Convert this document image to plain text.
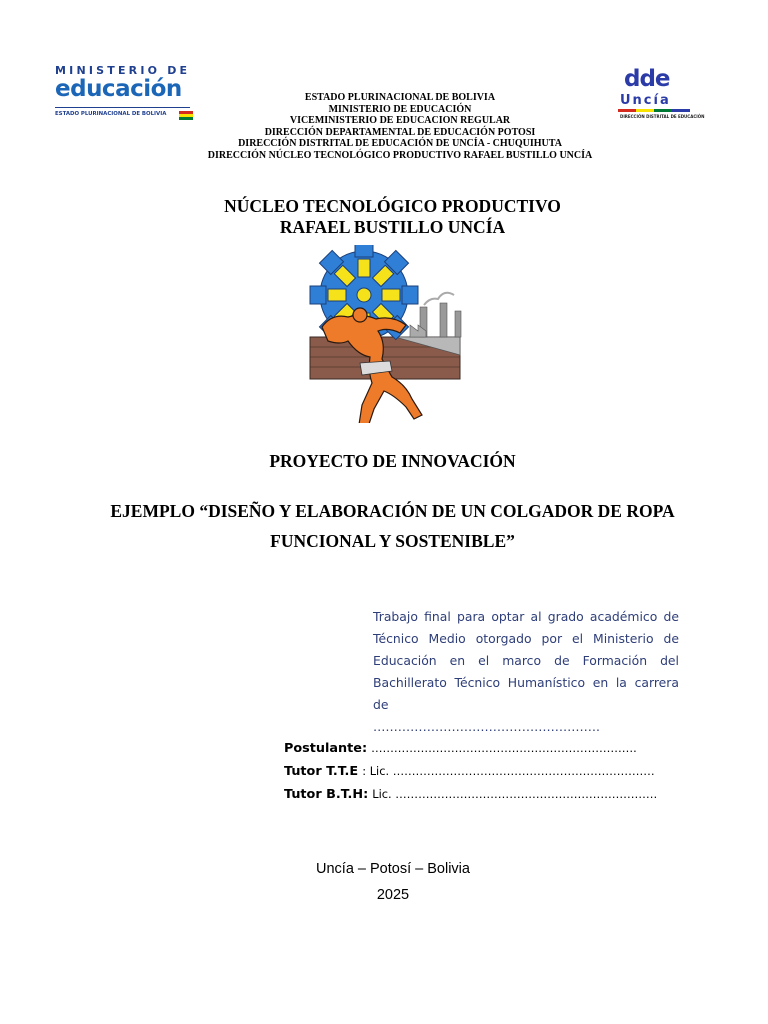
MINISTERIO DE
educación
ESTADO PLURINACIONAL DE BOLIVIA
dde
Uncía
DIRECCIÓN DISTRITAL DE EDUCACIÓN
ESTADO PLURINACIONAL DE BOLIVIA
MINISTERIO DE EDUCACIÓN
VICEMINISTERIO DE EDUCACION REGULAR
DIRECCIÓN DEPARTAMENTAL DE EDUCACIÓN POTOSI
DIRECCIÓN DISTRITAL DE EDUCACIÓN DE UNCÍA - CHUQUIHUTA
DIRECCIÓN NÚCLEO TECNOLÓGICO PRODUCTIVO RAFAEL BUSTILLO UNCÍA
NÚCLEO TECNOLÓGICO PRODUCTIVO
RAFAEL BUSTILLO UNCÍA
PROYECTO DE INNOVACIÓN
EJEMPLO “DISEÑO Y ELABORACIÓN DE UN COLGADOR DE ROPA
FUNCIONAL Y SOSTENIBLE”
Trabajo final para optar al grado académico de Técnico Medio otorgado por el Ministerio de Educación en el marco de Formación del Bachillerato Técnico Humanístico en la carrera de
……………………………………………….
Postulante: …………………………………………………………….
Tutor T.T.E : Lic. ……………………………………………………………
Tutor B.T.H: Lic. ……………………………………………………………
Uncía – Potosí – Bolivia
2025
